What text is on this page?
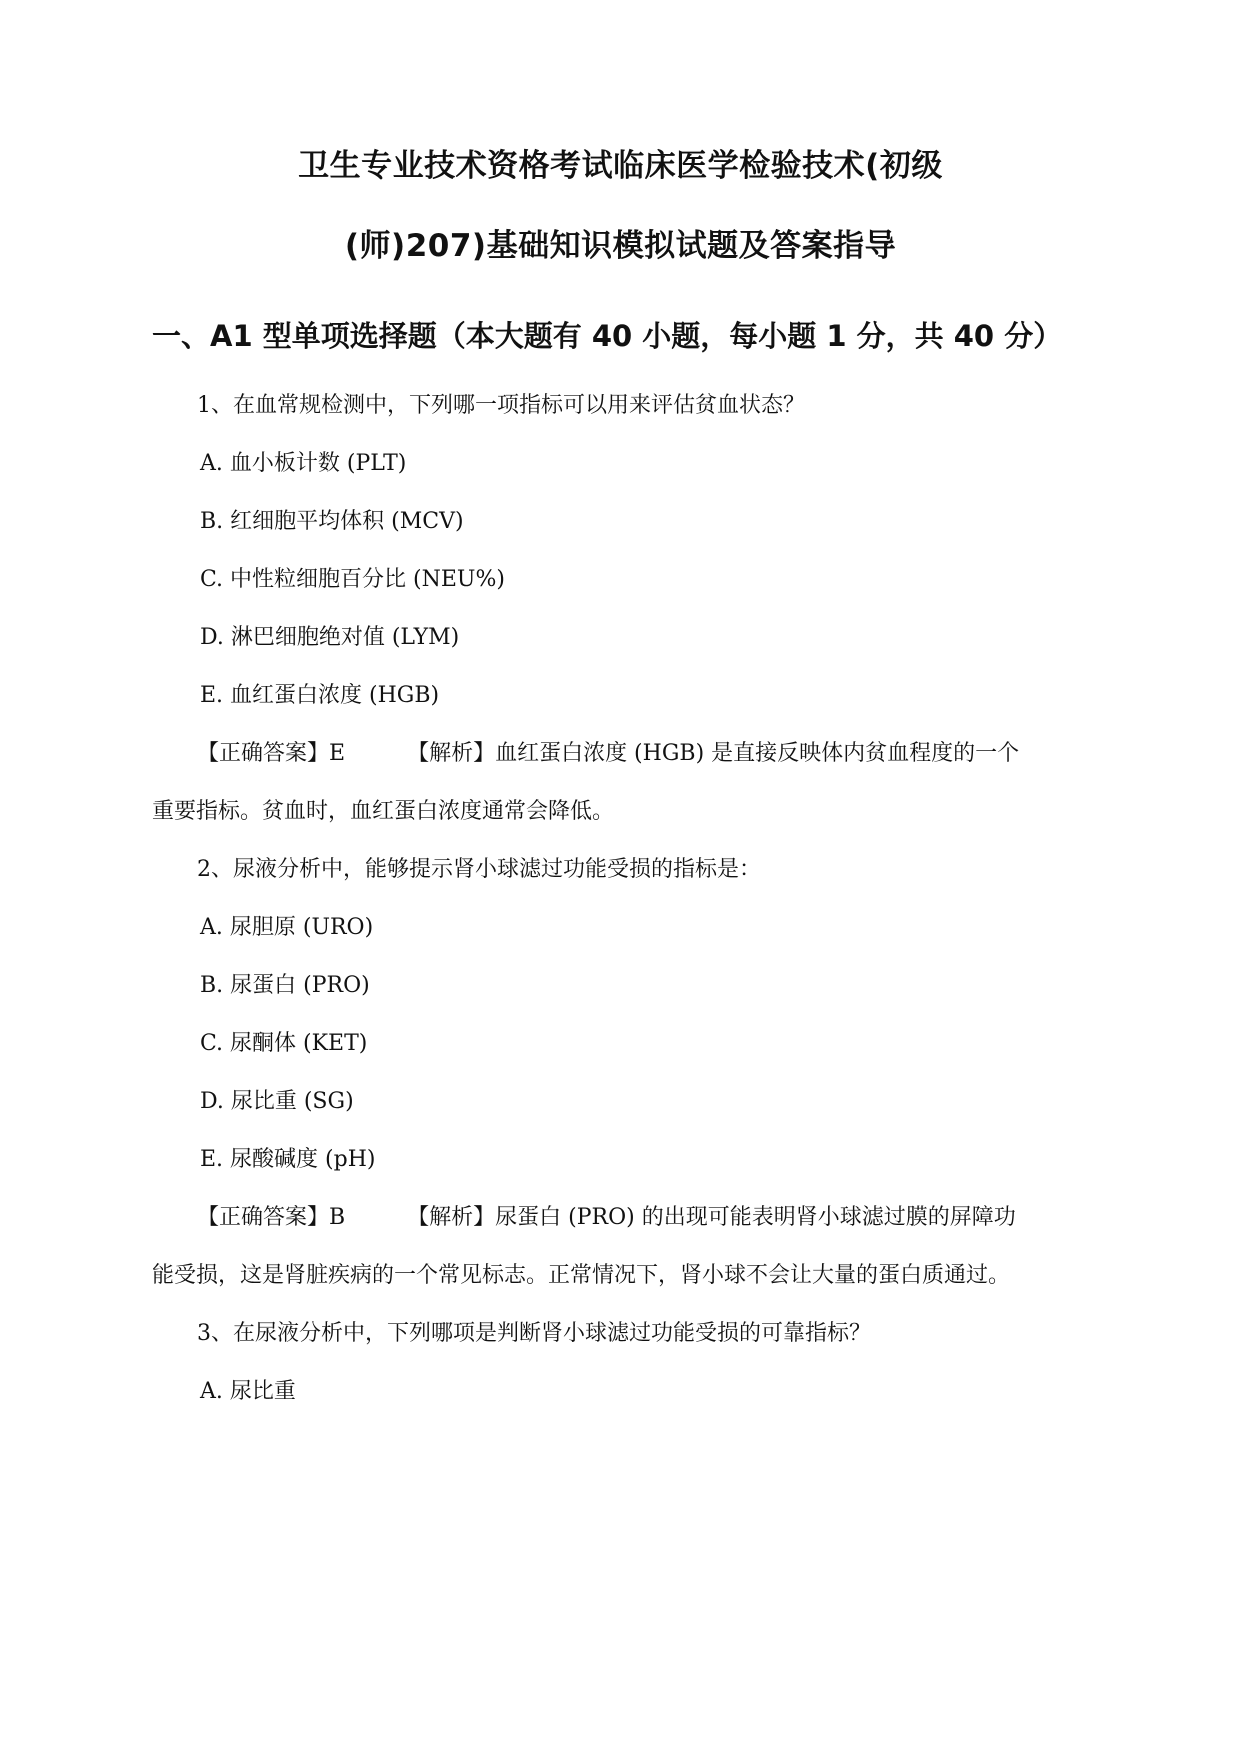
卫生专业技术资格考试临床医学检验技术(初级
(师)207)基础知识模拟试题及答案指导
一、A1 型单项选择题（本大题有 40 小题，每小题 1 分，共 40 分）
1、在血常规检测中，下列哪一项指标可以用来评估贫血状态？
A. 血小板计数 (PLT)
B. 红细胞平均体积 (MCV)
C. 中性粒细胞百分比 (NEU%)
D. 淋巴细胞绝对值 (LYM)
E. 血红蛋白浓度 (HGB)
【正确答案】E	【解析】血红蛋白浓度 (HGB) 是直接反映体内贫血程度的一个
重要指标。贫血时，血红蛋白浓度通常会降低。
2、尿液分析中，能够提示肾小球滤过功能受损的指标是：
A. 尿胆原 (URO)
B. 尿蛋白 (PRO)
C. 尿酮体 (KET)
D. 尿比重 (SG)
E. 尿酸碱度 (pH)
【正确答案】B	【解析】尿蛋白 (PRO) 的出现可能表明肾小球滤过膜的屏障功
能受损，这是肾脏疾病的一个常见标志。正常情况下，肾小球不会让大量的蛋白质通过。
3、在尿液分析中，下列哪项是判断肾小球滤过功能受损的可靠指标？
A. 尿比重
